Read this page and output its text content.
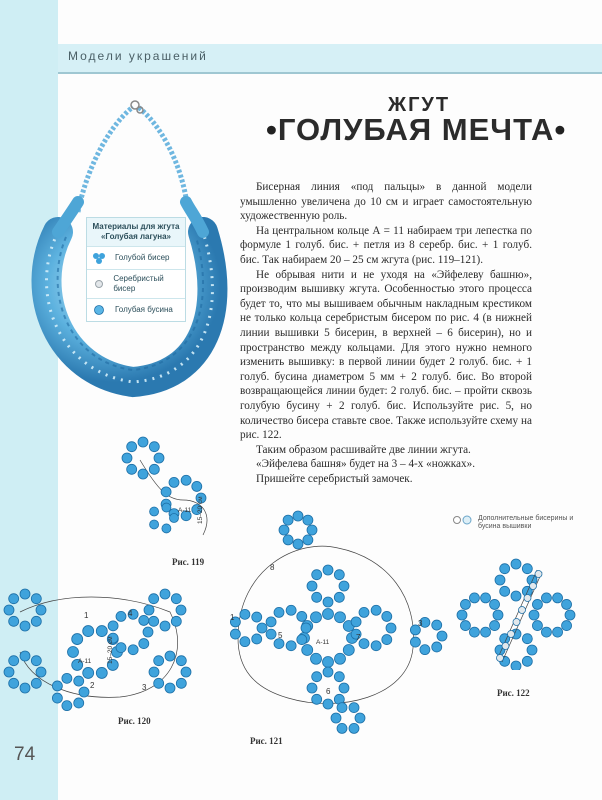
Модели украшений
74
ЖГУТ
•ГОЛУБАЯ МЕЧТА•
Материалы для жгута «Голубая лагуна»
Голубой бисер
Серебристый бисер
Голубая бусина

Бисерная линия «под пальцы» в данной модели умышленно увеличена до 10 см и играет самостоятельную художественную роль.

На центральном кольце А = 11 набираем три лепестка по формуле 1 голуб. бис. + петля из 8 серебр. бис. + 1 голуб. бис. Так набираем 20 – 25 см жгута (рис. 119–121).

Не обрывая нити и не уходя на «Эйфелеву башню», производим вышивку жгута. Особенностью этого процесса будет то, что мы вышиваем обычным накладным крестиком не только кольца серебристым бисером по рис. 4 (в нижней линии вышивки 5 бисерин, в верхней – 6 бисерин), но и пространство между кольцами. Для этого нужно немного изменить вышивку: в первой линии будет 2 голуб. бис. + 1 голуб. бусина диаметром 5 мм + 2 голуб. бис. Во второй возвращающейся линии будет: 2 голуб. бис. – пройти сквозь голубую бусину + 2 голуб. бис. Используйте рис. 5, но количество бисера ставьте свое. Также используйте схему на рис. 122.

Таким образом расшивайте две линии жгута.

«Эйфелева башня» будет на 3 – 4-х «ножках».

Пришейте серебристый замочек.

Дополнительные бисерины и бусина вышивки
А-11 15–20 см
Рис. 119
А-11 15–20 см
4
1
2	3
Рис. 120
А-11
8
5	7
6
1
3
Рис. 121
Рис. 122
